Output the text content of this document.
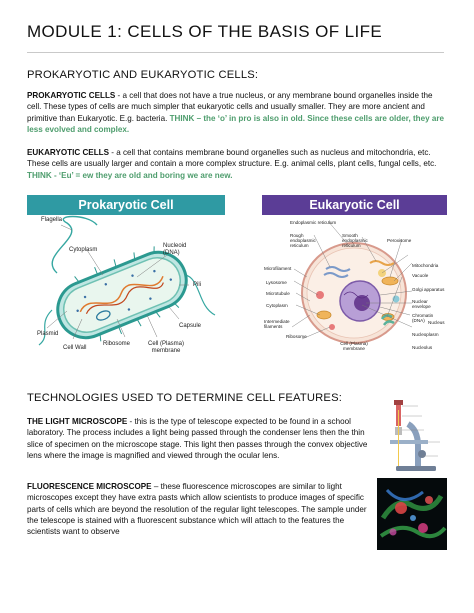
MODULE 1: CELLS OF THE BASIS OF LIFE
PROKARYOTIC AND EUKARYOTIC CELLS:
PROKARYOTIC CELLS - a cell that does not have a true nucleus, or any membrane bound organelles inside the cell. These types of cells are much simpler that eukaryotic cells and usually smaller. They are more ancient and primitive than Eukaryotic. E.g. bacteria. THINK – the ‘o’ in pro is also in old. Since these cells are older, they are less evolved and complex.
EUKARYOTIC CELLS - a cell that contains membrane bound organelles such as nucleus and mitochondria, etc. These cells are usually larger and contain a more complex structure. E.g. animal cells, plant cells, fungal cells, etc. THINK - ‘Eu’ = ew they are old and boring we are new.
Prokaryotic Cell
Flagella
Cytoplasm
Nucleoid (DNA)
Pili
Capsule
Plasmid
Cell Wall
Ribosome	Cell (Plasma) membrane
Eukaryotic Cell
Endoplasmic reticulum
Rough endoplasmic reticulum
Smooth endoplasmic reticulum
Peroxisome
Mitochondria
Vacuole
Golgi apparatus
Microfilament
Lysosome
Microtubule
Cytoplasm
Nuclear envelope
Chromatin (DNA) Nucleus
Intermediate filaments
Nucleoplasm
Ribosome
Cell (Plasma) membrane	Nucleolus
TECHNOLOGIES USED TO DETERMINE CELL FEATURES:
THE LIGHT MICROSCOPE - this is the type of telescope expected to be found in a school laboratory. The process includes a light being passed through the condenser lens then the thin slice of specimen on the microscope stage. This light then passes through the convex objective lens where the image is magnified and viewed through the ocular lens.
FLUORESCENCE MICROSCOPE – these fluorescence microscopes are similar to light microscopes except they have extra pasts which allow scientists to produce images of specific parts of cells which are beyond the resolution of the regular light telescopes. The sample under the telescope is stained with a fluorescent substance which will attach to the features the scientists want to observe
